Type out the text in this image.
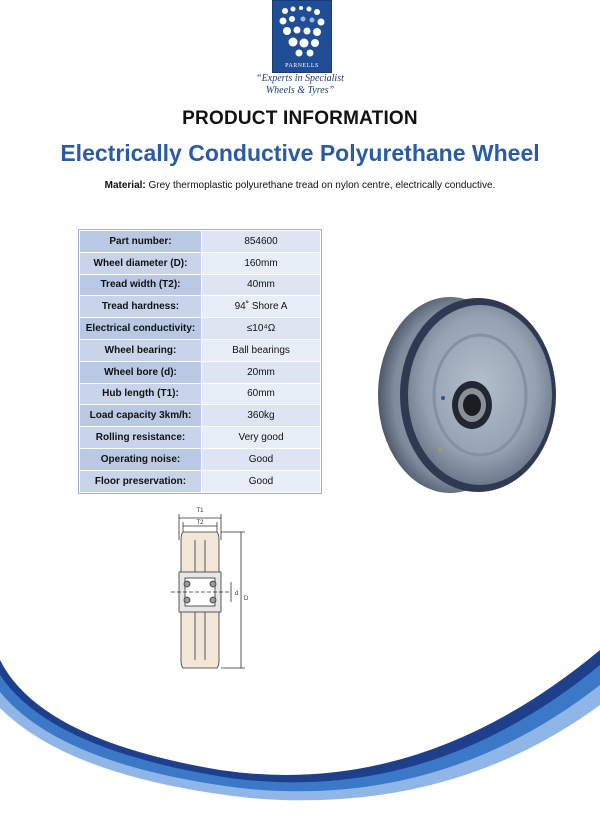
PARNELLS
“Experts in Specialist
Wheels & Tyres”
PRODUCT INFORMATION
Electrically Conductive Polyurethane Wheel
Material: Grey thermoplastic polyurethane tread on nylon centre, electrically conductive.
Part number:	854600
Wheel diameter (D):	160mm
Tread width (T2):	40mm
Tread hardness:	94˚ Shore A
Electrical conductivity:	≤10⁴Ω
Wheel bearing:	Ball bearings
Wheel bore (d):	20mm
Hub length (T1):	60mm
Load capacity 3km/h:	360kg
Rolling resistance:	Very good
Operating noise:	Good
Floor preservation:	Good
T1
T2
d
D
